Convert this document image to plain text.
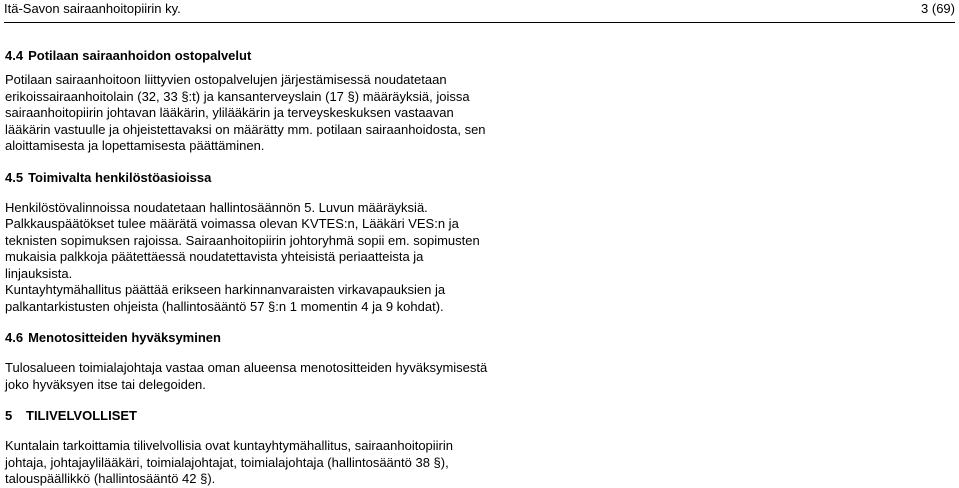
Itä-Savon sairaanhoitopiirin ky.	3 (69)
4.4 Potilaan sairaanhoidon ostopalvelut
Potilaan sairaanhoitoon liittyvien ostopalvelujen järjestämisessä noudatetaan
erikoissairaanhoitolain (32, 33 §:t) ja kansanterveyslain (17 §) määräyksiä, joissa
sairaanhoitopiirin johtavan lääkärin, ylilääkärin ja terveyskeskuksen vastaavan
lääkärin vastuulle ja ohjeistettavaksi on määrätty mm. potilaan sairaanhoidosta, sen
aloittamisesta ja lopettamisesta päättäminen.
4.5 Toimivalta henkilöstöasioissa
Henkilöstövalinnoissa noudatetaan hallintosäännön 5. Luvun määräyksiä.
Palkkauspäätökset tulee määrätä voimassa olevan KVTES:n, Lääkäri VES:n ja
teknisten sopimuksen rajoissa. Sairaanhoitopiirin johtoryhmä sopii em. sopimusten
mukaisia palkkoja päätettäessä noudatettavista yhteisistä periaatteista ja
linjauksista.
Kuntayhtymähallitus päättää erikseen harkinnanvaraisten virkavapauksien ja
palkantarkistusten ohjeista (hallintosääntö 57 §:n 1 momentin 4 ja 9 kohdat).
4.6 Menotositteiden hyväksyminen
Tulosalueen toimialajohtaja vastaa oman alueensa menotositteiden hyväksymisestä
joko hyväksyen itse tai delegoiden.
5 TILIVELVOLLISET
Kuntalain tarkoittamia tilivelvollisia ovat kuntayhtymähallitus, sairaanhoitopiirin
johtaja, johtajaylilääkäri, toimialajohtajat, toimialajohtaja (hallintosääntö 38 §),
talouspäällikkö (hallintosääntö 42 §).
